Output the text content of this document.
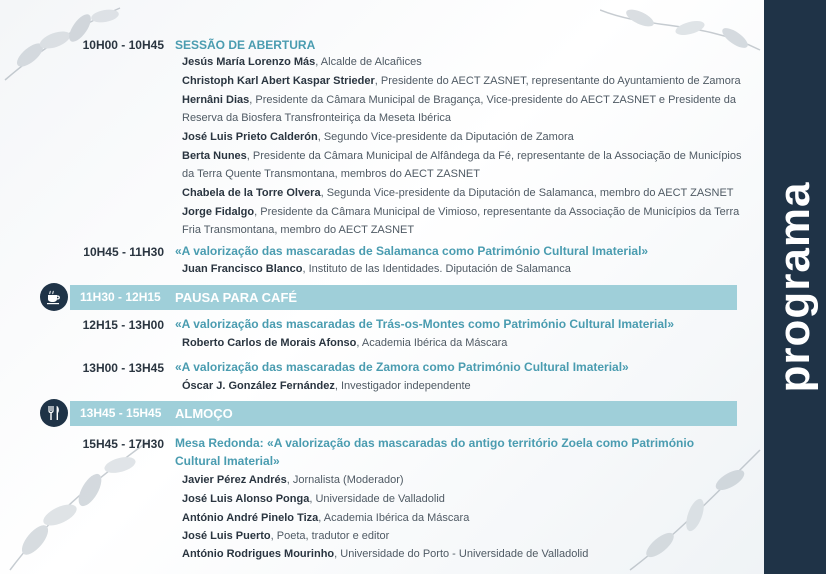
programa
10H00 - 10H45 SESSÃO DE ABERTURA
Jesús María Lorenzo Más, Alcalde de Alcañices
Christoph Karl Abert Kaspar Strieder, Presidente do AECT ZASNET, representante do Ayuntamiento de Zamora
Hernâni Dias, Presidente da Câmara Municipal de Bragança, Vice-presidente do AECT ZASNET e Presidente da Reserva da Biosfera Transfronteiriça da Meseta Ibérica
José Luis Prieto Calderón, Segundo Vice-presidente da Diputación de Zamora
Berta Nunes, Presidente da Câmara Municipal de Alfândega da Fé, representante de la Associação de Municípios da Terra Quente Transmontana, membros do AECT ZASNET
Chabela de la Torre Olvera, Segunda Vice-presidente da Diputación de Salamanca, membro do AECT ZASNET
Jorge Fidalgo, Presidente da Câmara Municipal de Vimioso, representante da Associação de Municípios da Terra Fria Transmontana, membro do AECT ZASNET
10H45 - 11H30 «A valorização das mascaradas de Salamanca como Património Cultural Imaterial»
Juan Francisco Blanco, Instituto de las Identidades. Diputación de Salamanca
11H30 - 12H15 PAUSA PARA CAFÉ
12H15 - 13H00 «A valorização das mascaradas de Trás-os-Montes como Património Cultural Imaterial»
Roberto Carlos de Morais Afonso, Academia Ibérica da Máscara
13H00 - 13H45 «A valorização das mascaradas de Zamora como Património Cultural Imaterial»
Óscar J. González Fernández, Investigador independente
13H45 - 15H45 ALMOÇO
15H45 - 17H30 Mesa Redonda: «A valorização das mascaradas do antigo território Zoela como Património Cultural Imaterial»
Javier Pérez Andrés, Jornalista (Moderador)
José Luis Alonso Ponga, Universidade de Valladolid
António André Pinelo Tiza, Academia Ibérica da Máscara
José Luis Puerto, Poeta, tradutor e editor
António Rodrigues Mourinho, Universidade do Porto - Universidade de Valladolid
